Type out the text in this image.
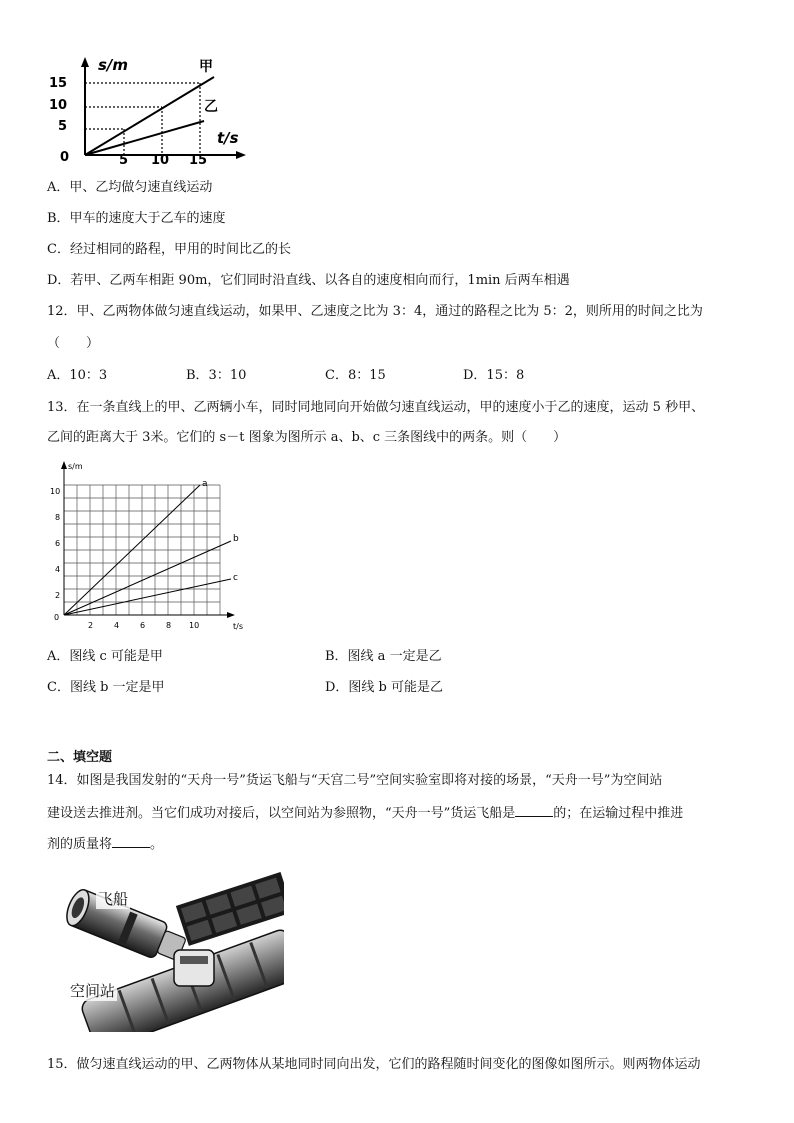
s/m
t/s
0
15
10
5
5 10 15
甲
乙
A．甲、乙均做匀速直线运动
B．甲车的速度大于乙车的速度
C．经过相同的路程，甲用的时间比乙的长
D．若甲、乙两车相距 90m，它们同时沿直线、以各自的速度相向而行，1min 后两车相遇
12．甲、乙两物体做匀速直线运动，如果甲、乙速度之比为 3：4，通过的路程之比为 5：2，则所用的时间之比为
（　　）
A．10：3	B．3：10	C．8：15	D．15：8
13．在一条直线上的甲、乙两辆小车，同时同地同向开始做匀速直线运动，甲的速度小于乙的速度，运动 5 秒甲、
乙间的距离大于 3米。它们的 s－t 图象为图所示 a、b、c 三条图线中的两条。则（　　）
s/m
t/s
0
10
8
6
4
2
2	4	6	8 10
a
b
c
A．图线 c 可能是甲	B．图线 a 一定是乙
C．图线 b 一定是甲	D．图线 b 可能是乙
二、填空题
14．如图是我国发射的“天舟一号”货运飞船与“天宫二号”空间实验室即将对接的场景，“天舟一号”为空间站
建设送去推进剂。当它们成功对接后，以空间站为参照物，“天舟一号”货运飞船是	的；在运输过程中推进
剂的质量将	。
飞船
空间站
15．做匀速直线运动的甲、乙两物体从某地同时同向出发，它们的路程随时间变化的图像如图所示。则两物体运动
